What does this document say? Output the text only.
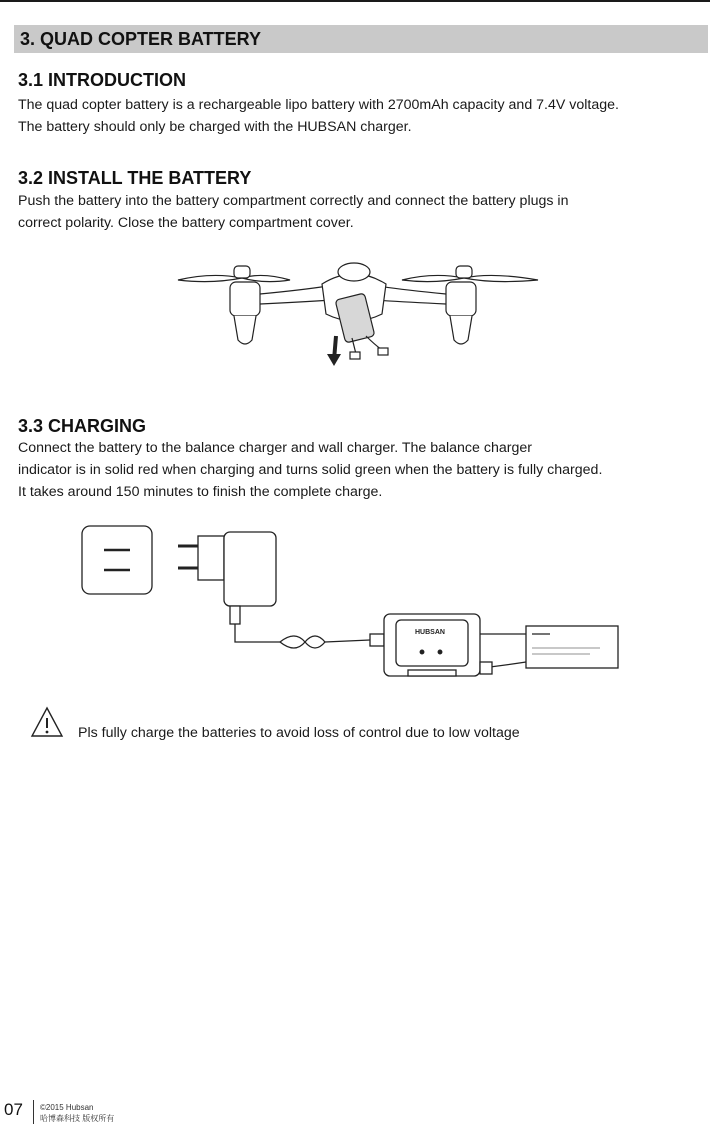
3. QUAD COPTER BATTERY
3.1 INTRODUCTION
The quad copter battery is a rechargeable lipo battery with 2700mAh capacity and 7.4V voltage.
The battery should only be charged with the HUBSAN charger.
3.2 INSTALL THE BATTERY
Push the battery into the battery compartment correctly and connect the battery plugs in
correct polarity. Close the battery compartment cover.
3.3 CHARGING
Connect the battery to the balance charger and wall charger. The balance charger
indicator is in solid red when charging and turns solid green when the battery is fully charged.
It takes around 150 minutes to finish the complete charge.
HUBSAN
Pls fully charge the batteries to avoid loss of control due to low voltage
07 ©2015 Hubsan
哈博森科技 版权所有
